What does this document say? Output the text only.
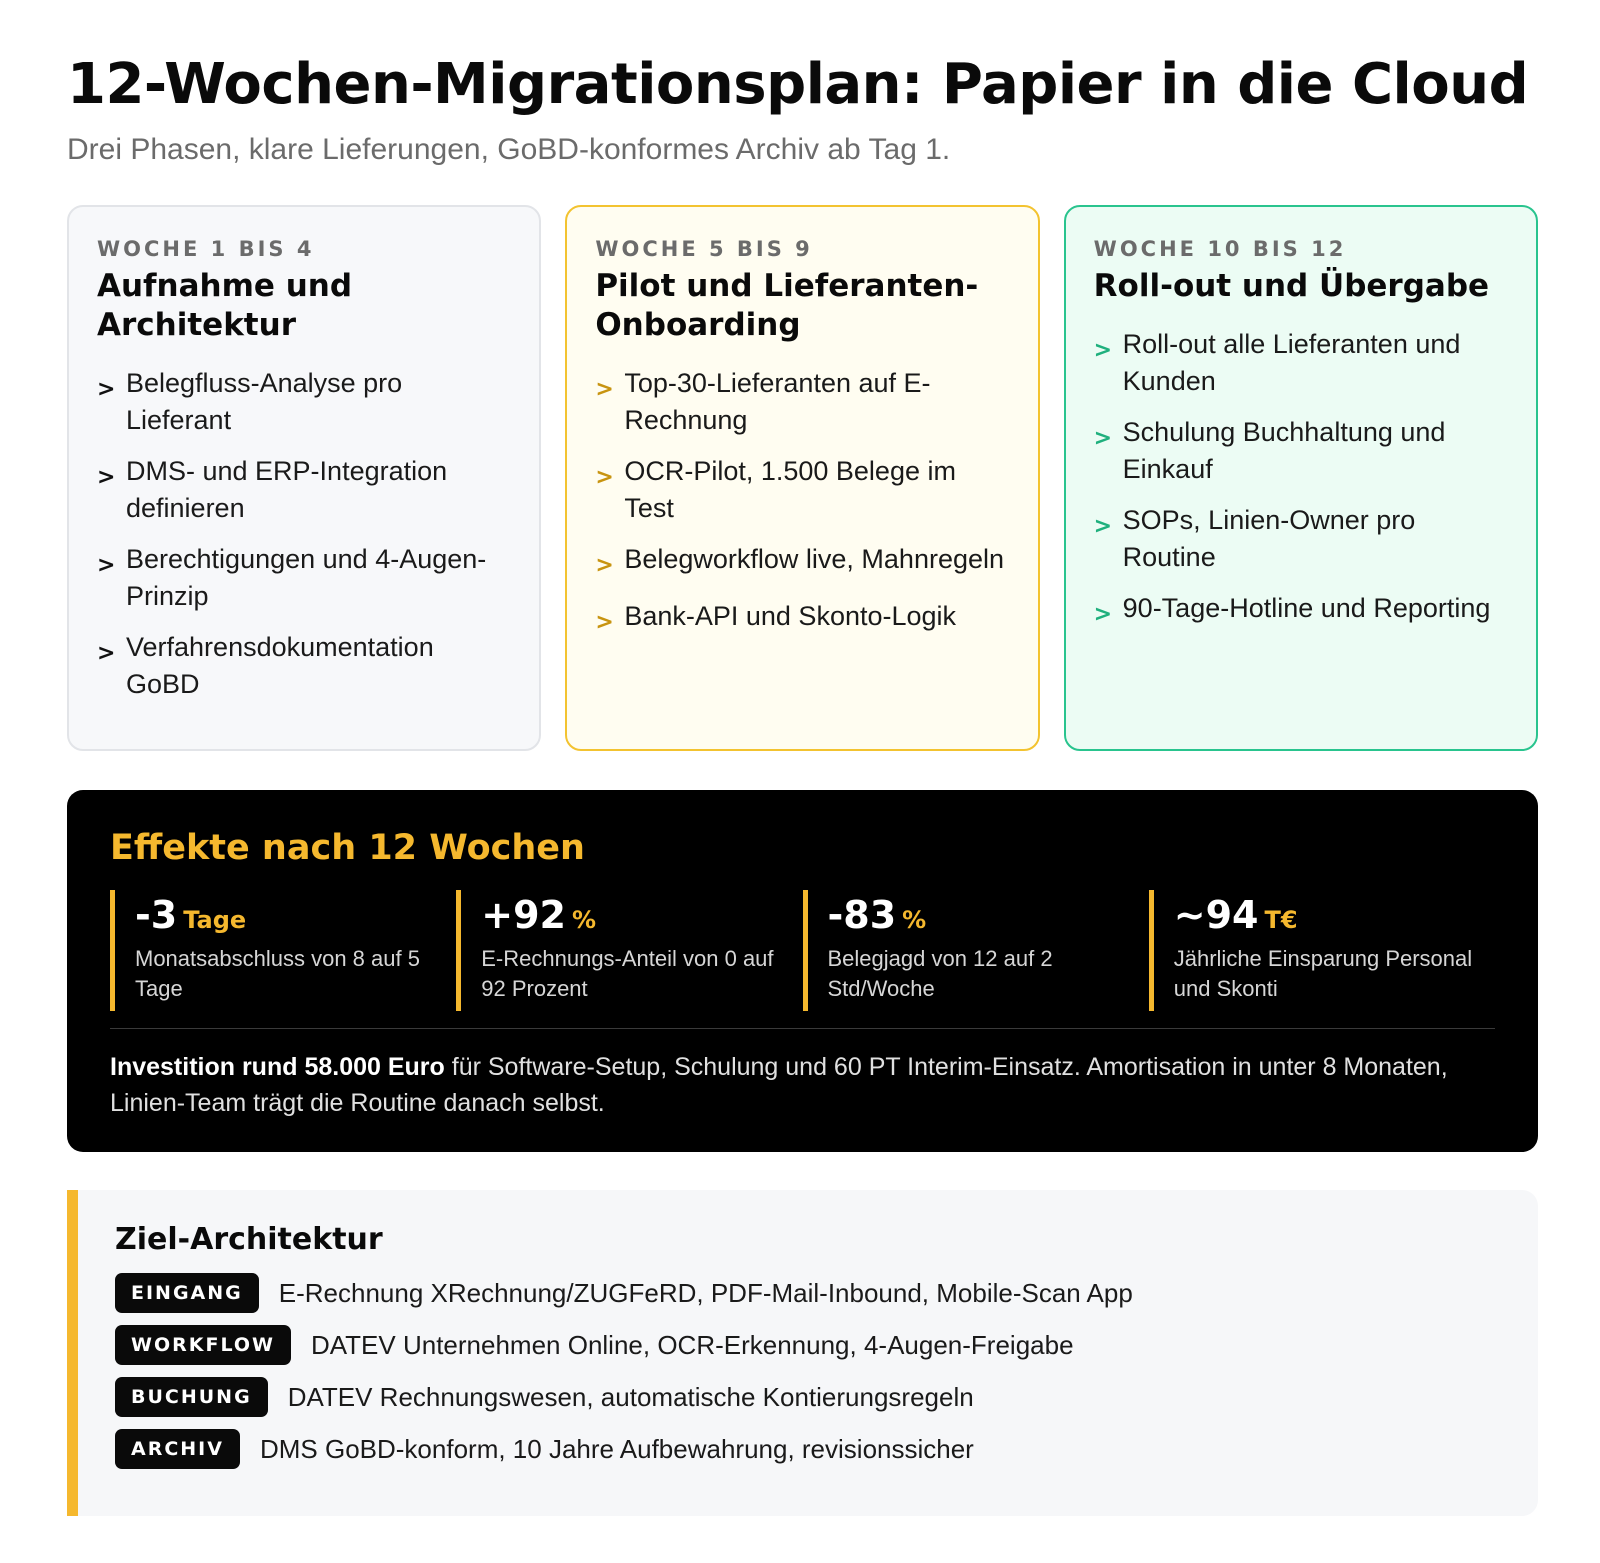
12-Wochen-Migrationsplan: Papier in die Cloud

Drei Phasen, klare Lieferungen, GoBD-konformes Archiv ab Tag 1.

WOCHE 1 BIS 4
Aufnahme und Architektur
> Belegfluss-Analyse pro Lieferant
> DMS- und ERP-Integration definieren
> Berechtigungen und 4-Augen-Prinzip
> Verfahrensdokumentation GoBD
WOCHE 5 BIS 9
Pilot und Lieferanten-Onboarding
> Top-30-Lieferanten auf E-Rechnung
> OCR-Pilot, 1.500 Belege im Test
> Belegworkflow live, Mahnregeln
> Bank-API und Skonto-Logik
WOCHE 10 BIS 12
Roll-out und Übergabe
> Roll-out alle Lieferanten und Kunden
> Schulung Buchhaltung und Einkauf
> SOPs, Linien-Owner pro Routine
> 90-Tage-Hotline und Reporting
Effekte nach 12 Wochen
-3 Tage
Monatsabschluss von 8 auf 5 Tage
+92 %
E-Rechnungs-Anteil von 0 auf 92 Prozent
-83 %
Belegjagd von 12 auf 2 Std/Woche
~94 T€
Jährliche Einsparung Personal und Skonti

Investition rund 58.000 Euro für Software-Setup, Schulung und 60 PT Interim-Einsatz. Amortisation in unter 8 Monaten, Linien-Team trägt die Routine danach selbst.

Ziel-Architektur
EINGANG	E-Rechnung XRechnung/ZUGFeRD, PDF-Mail-Inbound, Mobile-Scan App
WORKFLOW	DATEV Unternehmen Online, OCR-Erkennung, 4-Augen-Freigabe
BUCHUNG	DATEV Rechnungswesen, automatische Kontierungsregeln
ARCHIV	DMS GoBD-konform, 10 Jahre Aufbewahrung, revisionssicher
